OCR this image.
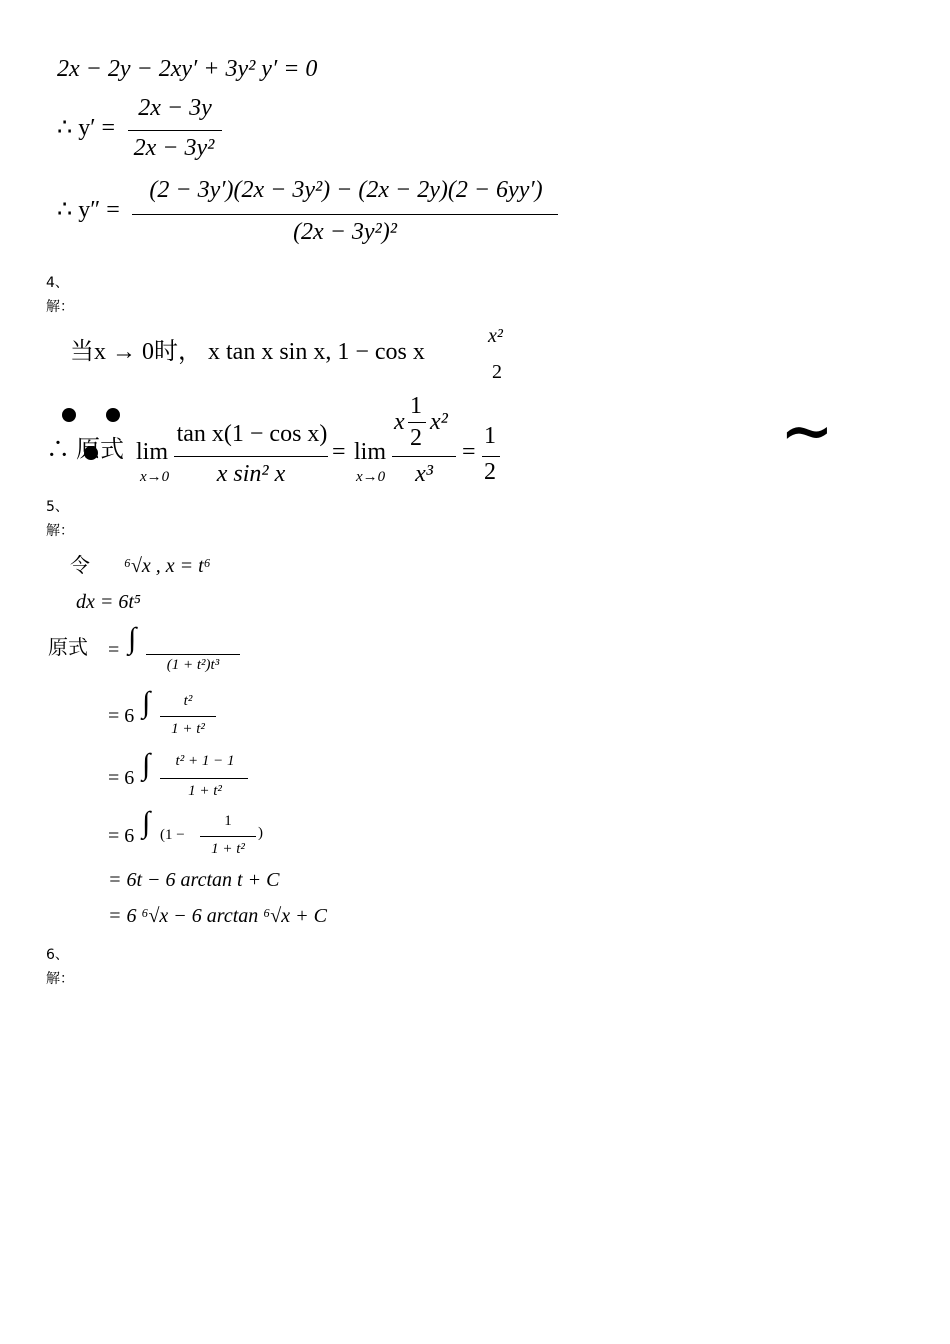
2x − 2y − 2xy′ + 3y² y′ = 0
∴ y′ =
2x − 3y
2x − 3y²
∴ y″ =
(2 − 3y′)(2x − 3y²) − (2x − 2y)(2 − 6yy′)
(2x − 3y²)²
4、
解：
当x → 0时， x tan x sin x, 1 − cos x
x²
2
∴ 原式 lim
x→0
tan x(1 − cos x)
x sin² x
= lim
x→0
x
1
2
x²
x³
=
1
2
∼
5、
解：
令 ⁶√x , x = t⁶
dx = 6t⁵
原式 = ∫
(1 + t²)t³
= 6 ∫	t²
1 + t²
= 6 ∫	t² + 1 − 1
1 + t²
= 6 ∫ (1 −
1
1 + t²
)
= 6t − 6 arctan t + C
= 6 ⁶√x − 6 arctan ⁶√x + C
6、
解：
